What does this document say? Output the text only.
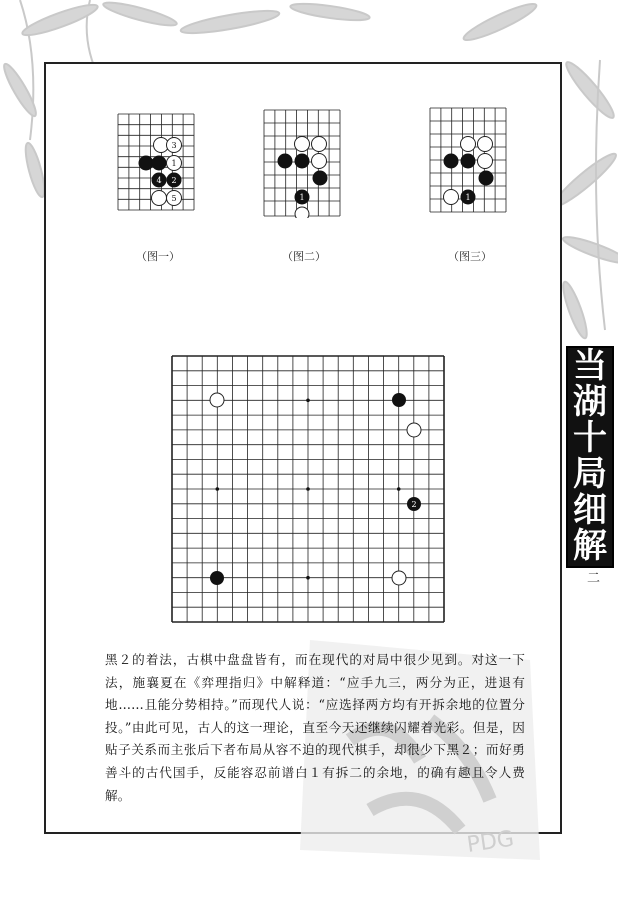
3
1
4 2
5
（图一）
1
（图二）
1
（图三）
2
当
湖
十
局
细
解
二
PDG
黑２的着法，古棋中盘盘皆有，而在现代的对局中很少见到。对这一下法，施襄夏在《弈理指归》中解释道：“应手九三，两分为正，进退有地……且能分势相持。”而现代人说：“应选择两方均有开拆余地的位置分投。”由此可见，古人的这一理论，直至今天还继续闪耀着光彩。但是，因贴子关系而主张后下者布局从容不迫的现代棋手，却很少下黑２；而好勇善斗的古代国手，反能容忍前谱白１有拆二的余地，的确有趣且令人费解。
